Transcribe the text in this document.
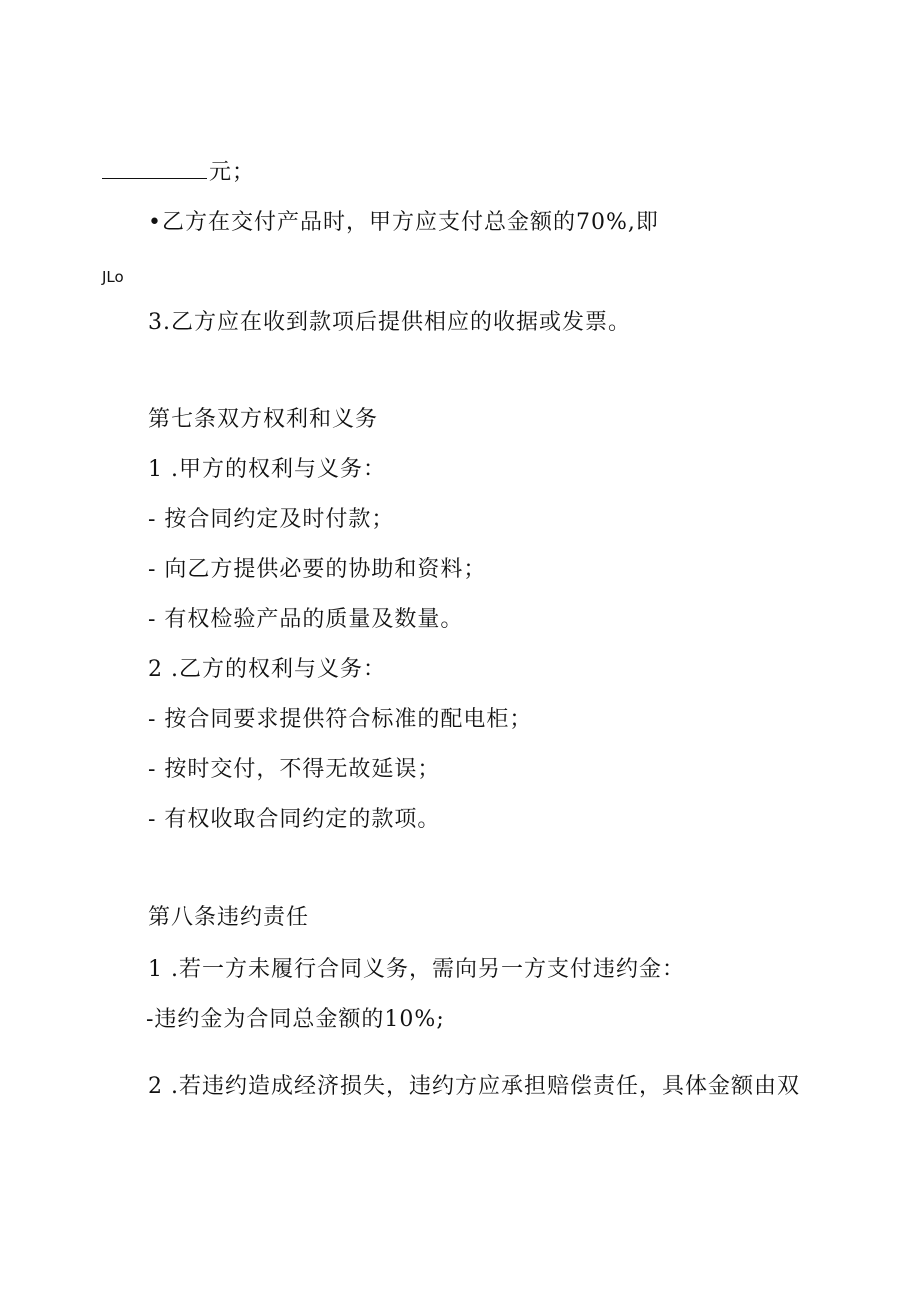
元；
•乙方在交付产品时，甲方应支付总金额的70%,即
JLo
3.乙方应在收到款项后提供相应的收据或发票。
第七条双方权利和义务
1 .甲方的权利与义务：
- 按合同约定及时付款；
- 向乙方提供必要的协助和资料；
- 有权检验产品的质量及数量。
2 .乙方的权利与义务：
- 按合同要求提供符合标准的配电柜；
- 按时交付，不得无故延误；
- 有权收取合同约定的款项。
第八条违约责任
1 .若一方未履行合同义务，需向另一方支付违约金：
-违约金为合同总金额的10%;
2 .若违约造成经济损失，违约方应承担赔偿责任，具体金额由双
